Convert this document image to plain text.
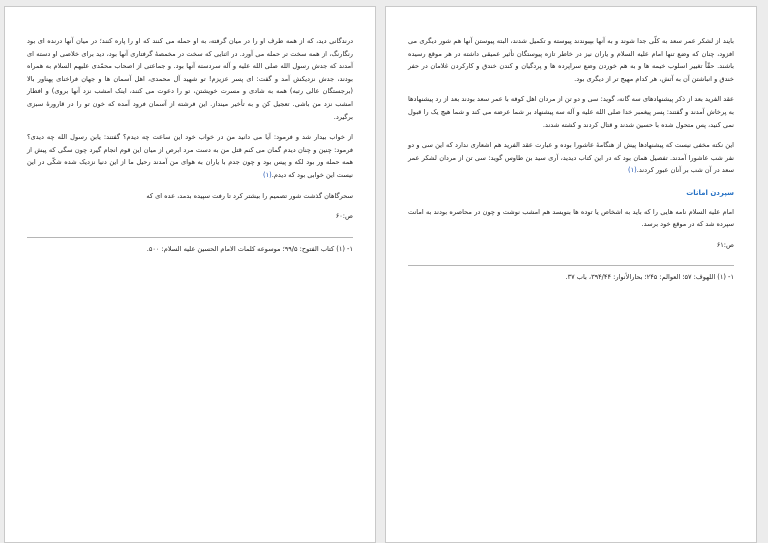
درندگانی دید، که از همه طرف او را در میان گرفته، به او حمله می کنند که او را پاره کنند؛ در میان آنها درنده ای بود رنگارنگ، از همه سخت تر حمله می آورد. در اثنایی که سخت در مخمصهٔ گرفتاری آنها بود، دید برای خلاصی او دسته ای آمدند که جدش رسول الله صلی الله علیه و آله سردسته آنها بود. و جماعتی از اصحاب محمّدی علیهم السلام به همراه بودند، جدش نزدیکش آمد و گفت: ای پسر عزیزم! تو شهید آل محمدی، اهل آسمان ها و جهان فراخنای پهناور بالا (برجستگان عالی رتبه) همه به شادی و مسرت خویشتن، تو را دعوت می کنند، اینک امشب نزد آنها بروی) و افطار امشب نزد من باشی. تعجیل کن و به تأخیر مینداز. این فرشته از آسمان فرود آمده که خون تو را در قارورهٔ سبزی برگیرد.

از خواب بیدار شد و فرمود: آیا می دانید من در خواب خود این ساعت چه دیدم؟ گفتند: یابن رسول الله چه دیدی؟ فرمود: چنین و چنان دیدم گمان می کنم قتل من به دست مرد ابرص از میان این قوم انجام گیرد چون سگی که پیش از همه حمله ور بود لکه و پیس بود و چون جدم با یاران به هوای من آمدند رحیل ما از این دنیا نزدیک شده شکّی در این نیست این خوابی بود که دیدم.(۱)

سحرگاهان گذشت شور تصمیم را بیشتر کرد تا رفت سپیده بدمد، عده ای که

ص:۶۰
۱- (۱) کتاب الفتوح: ۹۹/۵؛ موسوعه کلمات الامام الحسین علیه السلام: ۵۰۰.

بایند از لشکر عمر سعد به کلّی جدا شوند و به آنها بپیوندند پیوسته و تکمیل شدند، البته پیوستن آنها هم شور دیگری می افزود، چنان که وضع تنها امام علیه السلام و یاران نیز در خاطر تازه پیوستگان تأثیر عمیقی داشته در هر موقع رسیده باشند. حقّاً تغییر اسلوب خیمه ها و به هم خوردن وضع سراپرده ها و پردگیان و کندن خندق و کارکردن غلامان در حفر خندق و انباشتن آن به آتش، هر کدام مهیج تر از دیگری بود.

عقد الفرید بعد از ذکر پیشنهادهای سه گانه، گوید: سی و دو تن از مردان اهل کوفه با عمر سعد بودند بعد از رد پیشنهادها به پرخاش آمدند و گفتند: پسر پیغمبر خدا صلی الله علیه و آله سه پیشنهاد بر شما عرضه می کند و شما هیچ یک را قبول نمی کنید، پس متحول شده با حسین شدند و قتال کردند و کشته شدند.

این نکته مخفی نیست که پیشنهادها پیش از هنگامهٔ عاشورا بوده و عبارت عقد الفرید هم اشعاری ندارد که این سی و دو نفر شب عاشورا آمدند. تفصیل همان بود که در این کتاب دیدید، آری سید بن طاوس گوید: سی تن از مردان لشکر عمر سعد در آن شب بر آنان عبور کردند.(۱)

سپردن امانات

امام علیه السلام نامه هایی را که باید به اشخاص یا توده ها بنویسد هم امشب نوشت و چون در محاصره بودند به امانت سپرده شد که در موقع خود برسد.

ص:۶۱
۱- (۱) اللهوف: ۵۷؛ العوالم: ۲۴۵؛ بحارالأنوار: ۳۹۴/۴۴، باب ۳۷.
